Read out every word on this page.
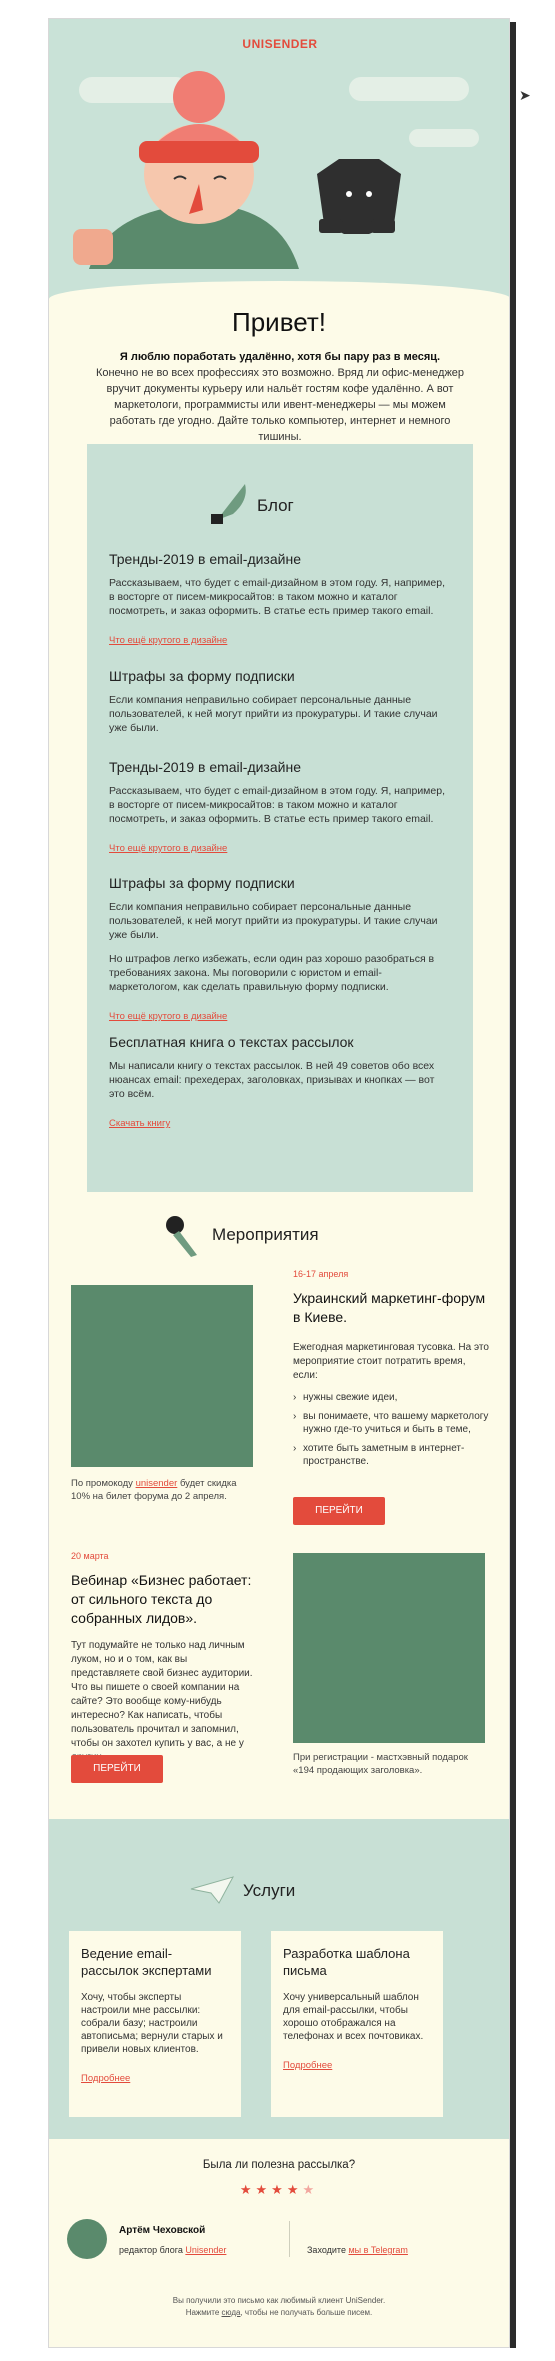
UNISENDER
Привет!
Я люблю поработать удалённо, хотя бы пару раз в месяц.
Конечно не во всех профессиях это возможно. Вряд ли офис-менеджер вручит документы курьеру или нальёт гостям кофе удалённо. А вот маркетологи, программисты или ивент-менеджеры — мы можем работать где угодно. Дайте только компьютер, интернет и немного тишины.
Блог
Тренды-2019 в email-дизайне

Рассказываем, что будет с email-дизайном в этом году. Я, например, в восторге от писем-микросайтов: в таком можно и каталог посмотреть, и заказ оформить. В статье есть пример такого email.

Что ещё крутого в дизайне
Штрафы за форму подписки

Если компания неправильно собирает персональные данные пользователей, к ней могут прийти из прокуратуры. И такие случаи уже были.

Тренды-2019 в email-дизайне

Рассказываем, что будет с email-дизайном в этом году. Я, например, в восторге от писем-микросайтов: в таком можно и каталог посмотреть, и заказ оформить. В статье есть пример такого email.

Что ещё крутого в дизайне
Штрафы за форму подписки

Если компания неправильно собирает персональные данные пользователей, к ней могут прийти из прокуратуры. И такие случаи уже были.

Но штрафов легко избежать, если один раз хорошо разобраться в требованиях закона. Мы поговорили с юристом и email-маркетологом, как сделать правильную форму подписки.

Что ещё крутого в дизайне
Бесплатная книга о текстах рассылок

Мы написали книгу о текстах рассылок. В ней 49 советов обо всех нюансах email: прехедерах, заголовках, призывах и кнопках — вот это всём.

Скачать книгу
Мероприятия
По промокоду unisender будет скидка 10% на билет форума до 2 апреля.
16-17 апреля
Украинский маркетинг-форум в Киеве.
Ежегодная маркетинговая тусовка. На это мероприятие стоит потратить время, если:
› нужны свежие идеи,
› вы понимаете, что вашему маркетологу нужно где-то учиться и быть в теме,
› хотите быть заметным в интернет-пространстве.
ПЕРЕЙТИ
20 марта
Вебинар «Бизнес работает: от сильного текста до собранных лидов».
Тут подумайте не только над личным луком, но и о том, как вы представляете свой бизнес аудитории. Что вы пишете о своей компании на сайте? Это вообще кому-нибудь интересно? Как написать, чтобы пользователь прочитал и запомнил, чтобы он захотел купить у вас, а не у
ПЕРЕЙТИ
При регистрации - мастхэвный подарок «194 продающих заголовка».
Услуги
Ведение email-рассылок экспертами

Хочу, чтобы эксперты настроили мне рассылки: собрали базу; настроили автописьма; вернули старых и привели новых клиентов.

Подробнее
Разработка шаблона письма

Хочу универсальный шаблон для email-рассылки, чтобы хорошо отображался на телефонах и всех почтовиках.

Подробнее
Была ли полезна рассылка?
★★★★★
Артём Чеховской
редактор блога Unisender	Заходите мы в Telegram
Вы получили это письмо как любимый клиент UniSender.
Нажмите сюда, чтобы не получать больше писем.
➤
